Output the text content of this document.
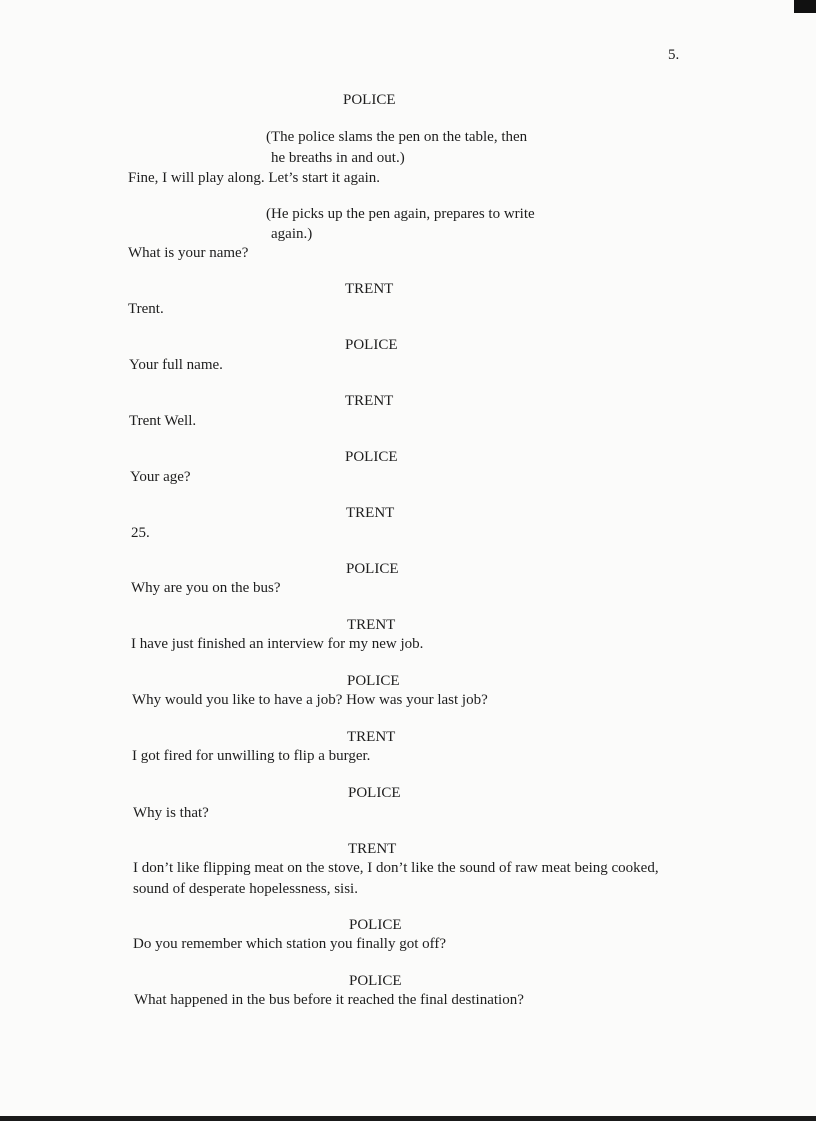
5.
POLICE
(The police slams the pen on the table, then
he breaths in and out.)
Fine, I will play along. Let’s start it again.
(He picks up the pen again, prepares to write
again.)
What is your name?
TRENT
Trent.
POLICE
Your full name.
TRENT
Trent Well.
POLICE
Your age?
TRENT
25.
POLICE
Why are you on the bus?
TRENT
I have just finished an interview for my new job.
POLICE
Why would you like to have a job? How was your last job?
TRENT
I got fired for unwilling to flip a burger.
POLICE
Why is that?
TRENT
I don’t like flipping meat on the stove, I don’t like the sound of raw meat being cooked,
sound of desperate hopelessness, sisi.
POLICE
Do you remember which station you finally got off?
POLICE
What happened in the bus before it reached the final destination?
